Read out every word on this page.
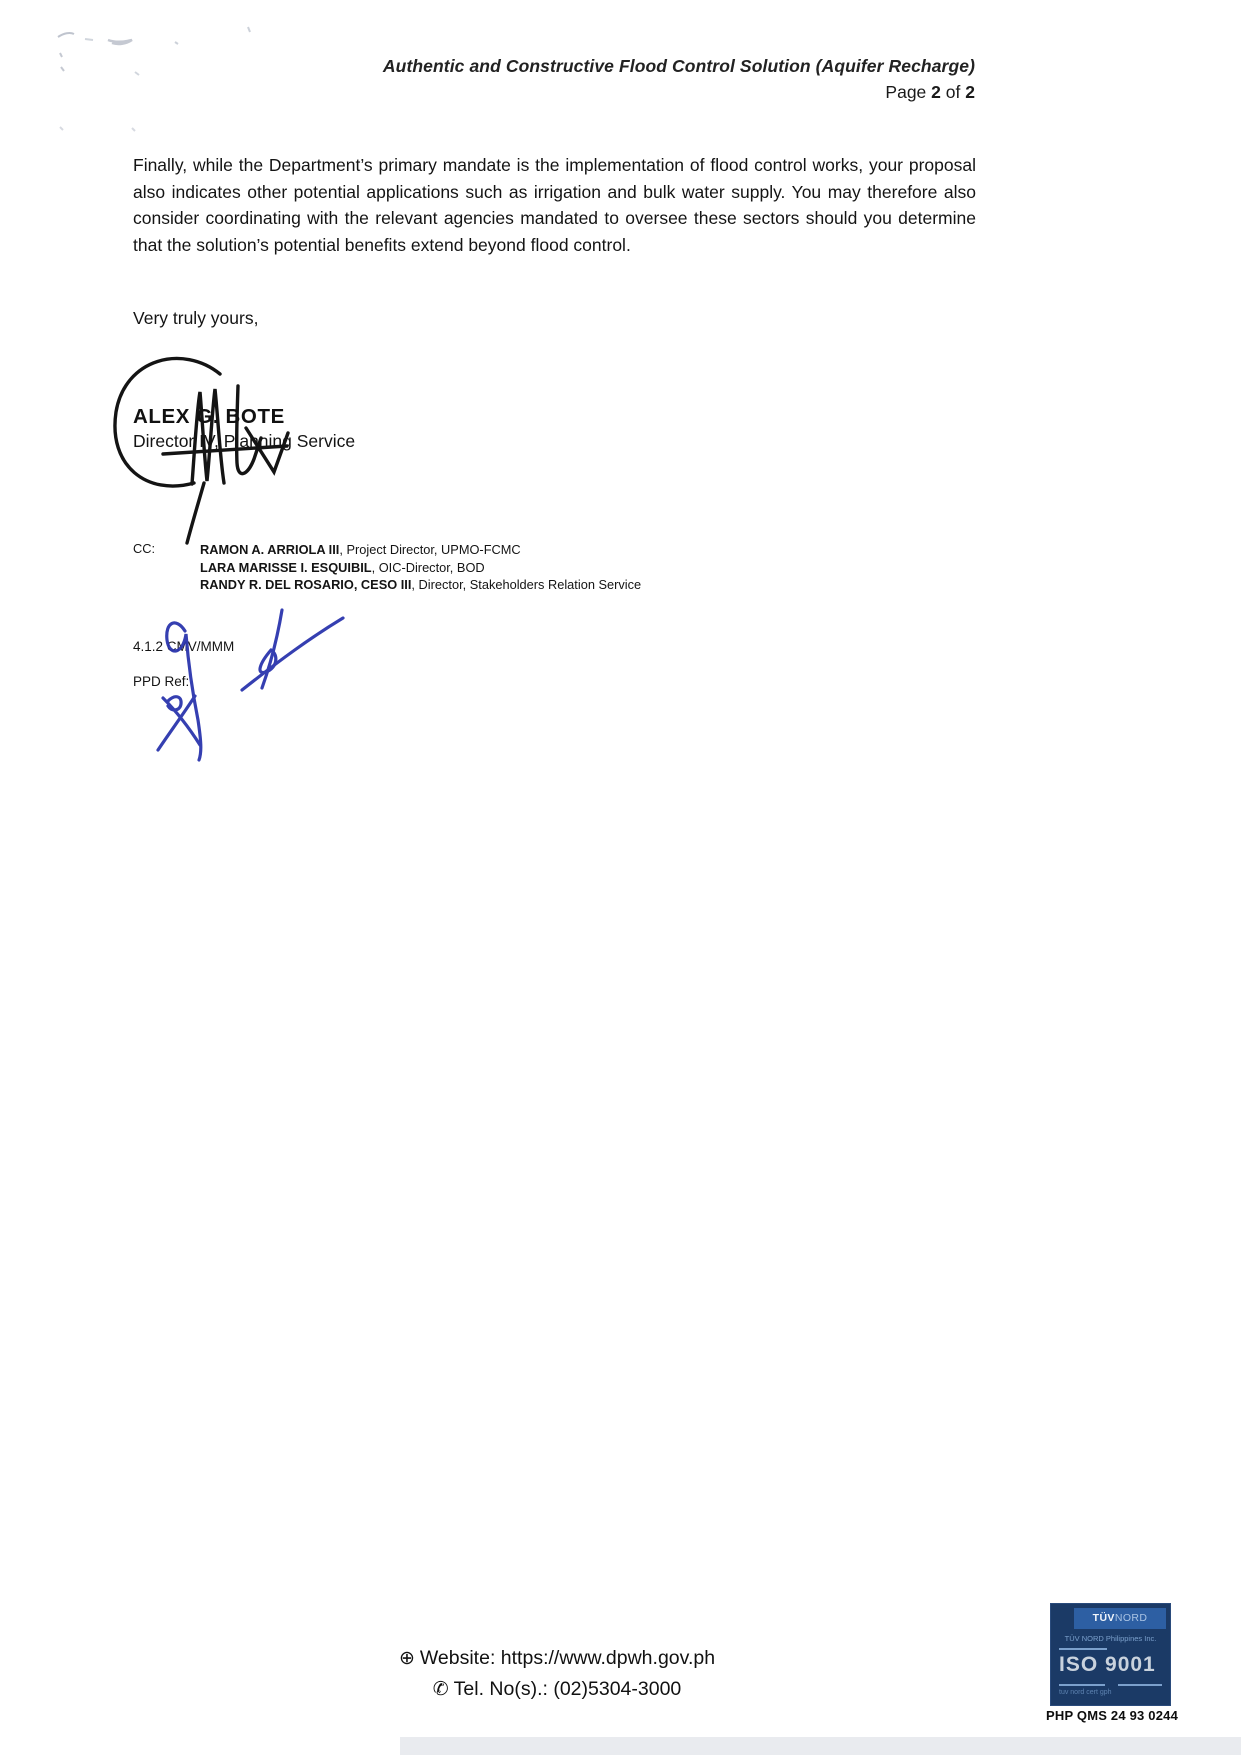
Authentic and Constructive Flood Control Solution (Aquifer Recharge)
Page 2 of 2
Finally, while the Department’s primary mandate is the implementation of flood control works, your proposal also indicates other potential applications such as irrigation and bulk water supply. You may therefore also consider coordinating with the relevant agencies mandated to oversee these sectors should you determine that the solution’s potential benefits extend beyond flood control.
Very truly yours,
ALEX G. BOTE
Director IV, Planning Service
CC:	RAMON A. ARRIOLA III, Project Director, UPMO-FCMC
LARA MARISSE I. ESQUIBIL, OIC-Director, BOD
RANDY R. DEL ROSARIO, CESO III, Director, Stakeholders Relation Service
4.1.2 CMV/MMM
PPD Ref:
⊕ Website: https://www.dpwh.gov.ph
✆ Tel. No(s).: (02)5304-3000
TÜVNORD
TÜV NORD Philippines Inc.
ISO 9001
tuv nord cert gph
PHP QMS 24 93 0244
